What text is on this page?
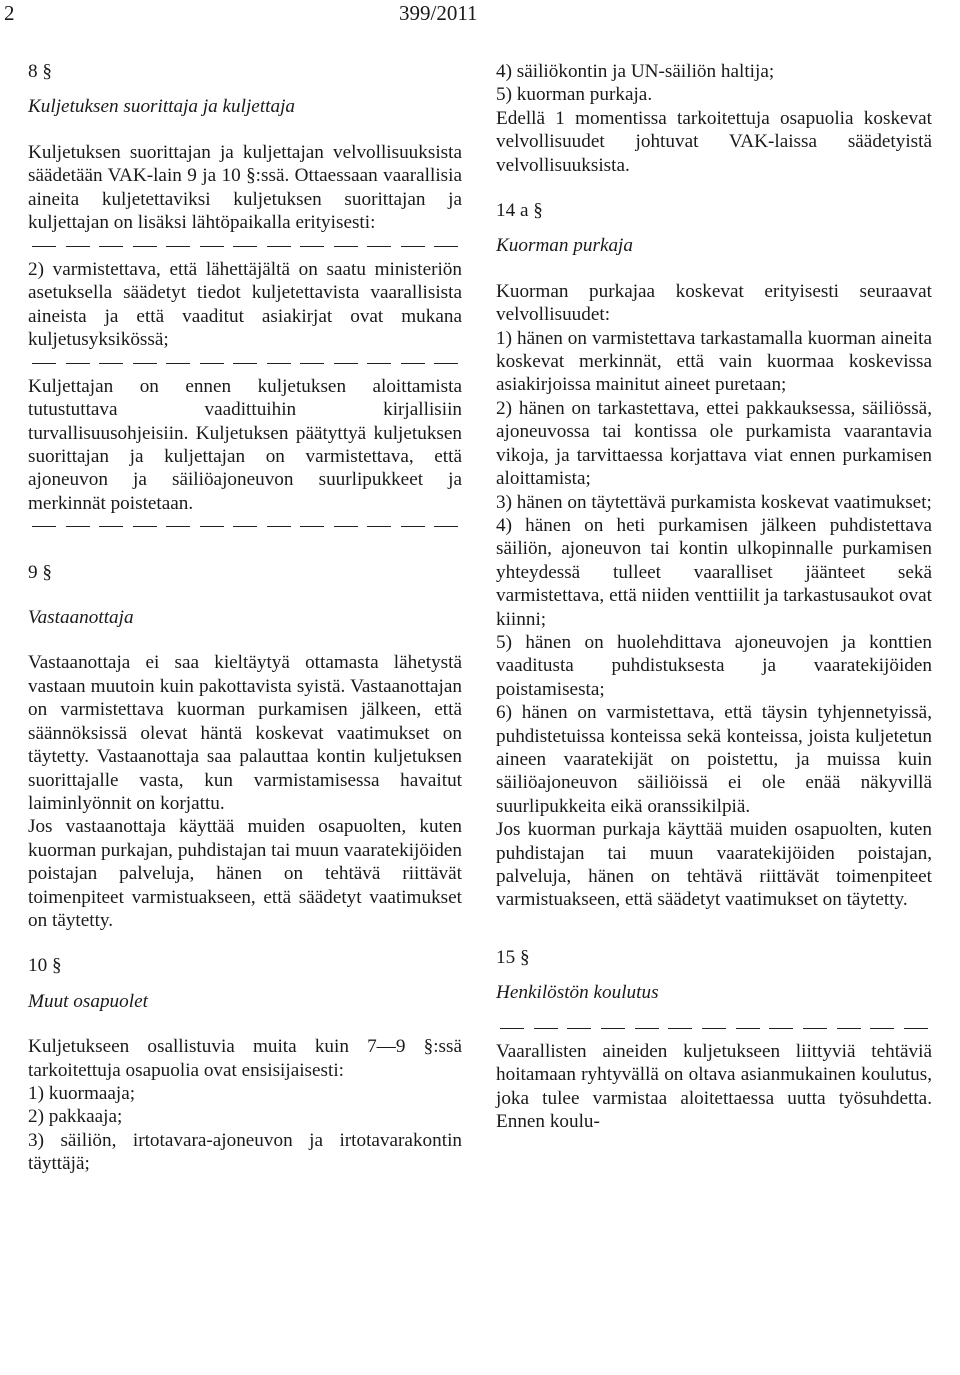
2	399/2011

8 §

Kuljetuksen suorittaja ja kuljettaja

Kuljetuksen suorittajan ja kuljettajan velvollisuuksista säädetään VAK-lain 9 ja 10 §:ssä. Ottaessaan vaarallisia aineita kuljetettaviksi kuljetuksen suorittajan ja kuljettajan on lisäksi lähtöpaikalla erityisesti:

2) varmistettava, että lähettäjältä on saatu ministeriön asetuksella säädetyt tiedot kuljetettavista vaarallisista aineista ja että vaaditut asiakirjat ovat mukana kuljetusyksikössä;

Kuljettajan on ennen kuljetuksen aloittamista tutustuttava vaadittuihin kirjallisiin turvallisuusohjeisiin. Kuljetuksen päätyttyä kuljetuksen suorittajan ja kuljettajan on varmistettava, että ajoneuvon ja säiliöajoneuvon suurlipukkeet ja merkinnät poistetaan.

9 §

Vastaanottaja

Vastaanottaja ei saa kieltäytyä ottamasta lähetystä vastaan muutoin kuin pakottavista syistä. Vastaanottajan on varmistettava kuorman purkamisen jälkeen, että säännöksissä olevat häntä koskevat vaatimukset on täytetty. Vastaanottaja saa palauttaa kontin kuljetuksen suorittajalle vasta, kun varmistamisessa havaitut laiminlyönnit on korjattu.

Jos vastaanottaja käyttää muiden osapuolten, kuten kuorman purkajan, puhdistajan tai muun vaaratekijöiden poistajan palveluja, hänen on tehtävä riittävät toimenpiteet varmistuakseen, että säädetyt vaatimukset on täytetty.

10 §

Muut osapuolet

Kuljetukseen osallistuvia muita kuin 7—9 §:ssä tarkoitettuja osapuolia ovat ensisijaisesti:

1) kuormaaja;

2) pakkaaja;

3) säiliön, irtotavara-ajoneuvon ja irtotavarakontin täyttäjä;

4) säiliökontin ja UN-säiliön haltija;

5) kuorman purkaja.

Edellä 1 momentissa tarkoitettuja osapuolia koskevat velvollisuudet johtuvat VAK-laissa säädetyistä velvollisuuksista.

14 a §

Kuorman purkaja

Kuorman purkajaa koskevat erityisesti seuraavat velvollisuudet:

1) hänen on varmistettava tarkastamalla kuorman aineita koskevat merkinnät, että vain kuormaa koskevissa asiakirjoissa mainitut aineet puretaan;

2) hänen on tarkastettava, ettei pakkauksessa, säiliössä, ajoneuvossa tai kontissa ole purkamista vaarantavia vikoja, ja tarvittaessa korjattava viat ennen purkamisen aloittamista;

3) hänen on täytettävä purkamista koskevat vaatimukset;

4) hänen on heti purkamisen jälkeen puhdistettava säiliön, ajoneuvon tai kontin ulkopinnalle purkamisen yhteydessä tulleet vaaralliset jäänteet sekä varmistettava, että niiden venttiilit ja tarkastusaukot ovat kiinni;

5) hänen on huolehdittava ajoneuvojen ja konttien vaaditusta puhdistuksesta ja vaaratekijöiden poistamisesta;

6) hänen on varmistettava, että täysin tyhjennetyissä, puhdistetuissa konteissa sekä konteissa, joista kuljetetun aineen vaaratekijät on poistettu, ja muissa kuin säiliöajoneuvon säiliöissä ei ole enää näkyvillä suurlipukkeita eikä oranssikilpiä.

Jos kuorman purkaja käyttää muiden osapuolten, kuten puhdistajan tai muun vaaratekijöiden poistajan, palveluja, hänen on tehtävä riittävät toimenpiteet varmistuakseen, että säädetyt vaatimukset on täytetty.

15 §

Henkilöstön koulutus

Vaarallisten aineiden kuljetukseen liittyviä tehtäviä hoitamaan ryhtyvällä on oltava asianmukainen koulutus, joka tulee varmistaa aloitettaessa uutta työsuhdetta. Ennen koulu-
